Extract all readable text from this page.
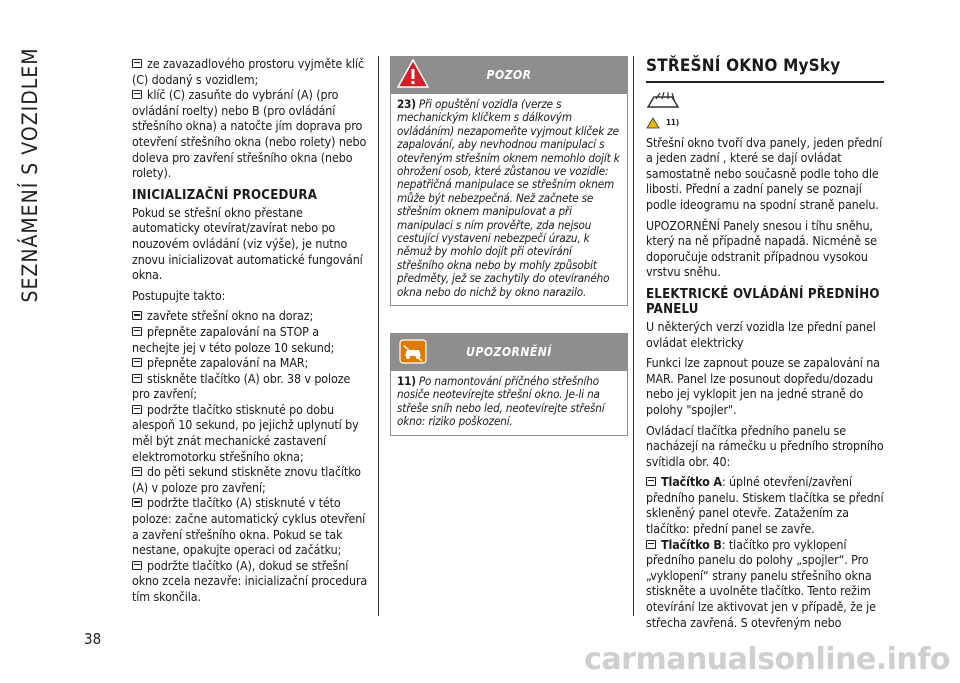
SEZNÁMENÍ S VOZIDLEM
38

ze zavazadlového prostoru vyjměte klíč (C) dodaný s vozidlem;

klíč (C) zasuňte do vybrání (A) (pro ovládání roelty) nebo B (pro ovládání střešního okna) a natočte jím doprava pro otevření střešního okna (nebo rolety) nebo doleva pro zavření střešního okna (nebo rolety).

INICIALIZAČNÍ PROCEDURA

Pokud se střešní okno přestane automaticky otevírat/zavírat nebo po nouzovém ovládání (viz výše), je nutno znovu inicializovat automatické fungování okna.

Postupujte takto:

zavřete střešní okno na doraz;

přepněte zapalování na STOP a nechejte jej v této poloze 10 sekund;

přepněte zapalování na MAR;

stiskněte tlačítko (A) obr. 38 v poloze pro zavření;

podržte tlačítko stisknuté po dobu alespoň 10 sekund, po jejichž uplynutí by měl být znát mechanické zastavení elektromotorku střešního okna;

do pěti sekund stiskněte znovu tlačítko (A) v poloze pro zavření;

podržte tlačítko (A) stisknuté v této poloze: začne automatický cyklus otevření a zavření střešního okna. Pokud se tak nestane, opakujte operaci od začátku;

podržte tlačítko (A), dokud se střešní okno zcela nezavře: inicializační procedura tím skončila.

POZOR
23) Při opuštění vozidla (verze s mechanickým klíčkem s dálkovým ovládáním) nezapomeňte vyjmout klíček ze zapalování, aby nevhodnou manipulací s otevřeným střešním oknem nemohlo dojít k ohrožení osob, které zůstanou ve vozidle: nepatřičná manipulace se střešním oknem může být nebezpečná. Než začnete se střešním oknem manipulovat a při manipulaci s ním prověřte, zda nejsou cestující vystaveni nebezpečí úrazu, k němuž by mohlo dojít při otevírání střešního okna nebo by mohly způsobit předměty, jež se zachytily do otevíraného okna nebo do nichž by okno narazilo.
UPOZORNĚNÍ
11) Po namontování příčného střešního nosiče neotevírejte střešní okno. Je-li na střeše sníh nebo led, neotevírejte střešní okno: riziko poškození.
STŘEŠNÍ OKNO MySky
11)

Střešní okno tvoří dva panely, jeden přední a jeden zadní , které se dají ovládat samostatně nebo současně podle toho dle libosti. Přední a zadní panely se poznají podle ideogramu na spodní straně panelu.

UPOZORNĚNÍ Panely snesou i tíhu sněhu, který na ně případně napadá. Nicméně se doporučuje odstranit případnou vysokou vrstvu sněhu.

ELEKTRICKÉ OVLÁDÁNÍ PŘEDNÍHO PANELU

U některých verzí vozidla lze přední panel ovládat elektricky

Funkci lze zapnout pouze se zapalování na MAR. Panel lze posunout dopředu/dozadu nebo jej vyklopit jen na jedné straně do polohy "spojler".

Ovládací tlačítka předního panelu se nacházejí na rámečku u předního stropního svítidla obr. 40:

Tlačítko A: úplné otevření/zavření předního panelu. Stiskem tlačítka se přední skleněný panel otevře. Zatažením za tlačítko: přední panel se zavře.

Tlačítko B: tlačítko pro vyklopení předního panelu do polohy „spojler“. Pro „vyklopení“ strany panelu střešního okna stiskněte a uvolněte tlačítko. Tento režim otevírání lze aktivovat jen v případě, že je střecha zavřená. S otevřeným nebo

carmanualsonline.info
